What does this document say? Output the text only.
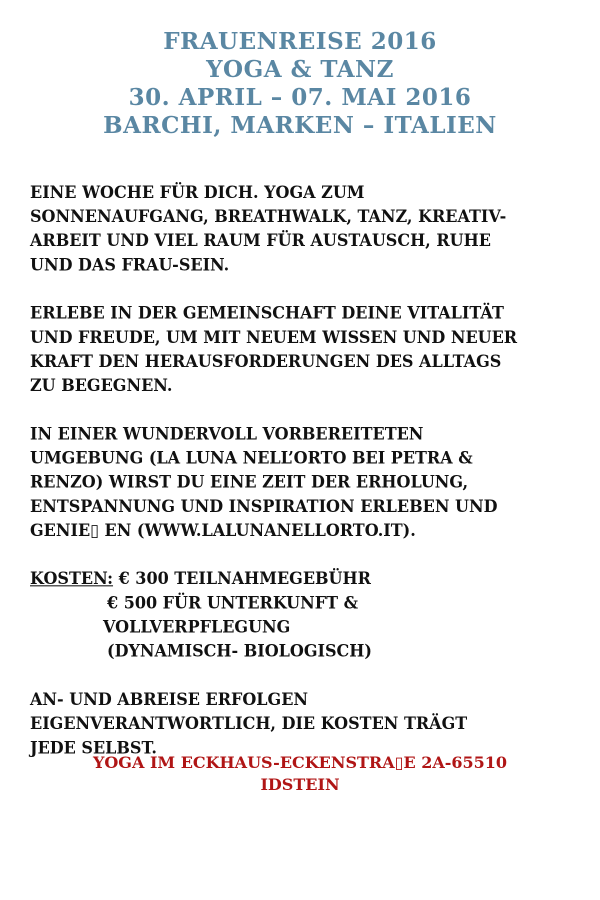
FRAUENREISE 2016
YOGA & TANZ
30. APRIL – 07. MAI 2016
BARCHI, MARKEN – ITALIEN

EINE WOCHE FÜR DICH. YOGA ZUM
SONNENAUFGANG, BREATHWALK, TANZ, KREATIV-
ARBEIT UND VIEL RAUM FÜR AUSTAUSCH, RUHE
UND DAS FRAU-SEIN.

ERLEBE IN DER GEMEINSCHAFT DEINE VITALITÄT
UND FREUDE, UM MIT NEUEM WISSEN UND NEUER
KRAFT DEN HERAUSFORDERUNGEN DES ALLTAGS
ZU BEGEGNEN.

IN EINER WUNDERVOLL VORBEREITETEN
UMGEBUNG (LA LUNA NELL’ORTO BEI PETRA &
RENZO) WIRST DU EINE ZEIT DER ERHOLUNG,
ENTSPANNUNG UND INSPIRATION ERLEBEN UND
GENIE▯ EN (WWW.LALUNANELLORTO.IT).

KOSTEN: € 300 TEILNAHMEGEBÜHR
€ 500 FÜR UNTERKUNFT &
VOLLVERPFLEGUNG
(DYNAMISCH- BIOLOGISCH)

AN- UND ABREISE ERFOLGEN
EIGENVERANTWORTLICH, DIE KOSTEN TRÄGT
JEDE SELBST.

YOGA IM ECKHAUS-ECKENSTRA▯E 2A-65510
IDSTEIN
